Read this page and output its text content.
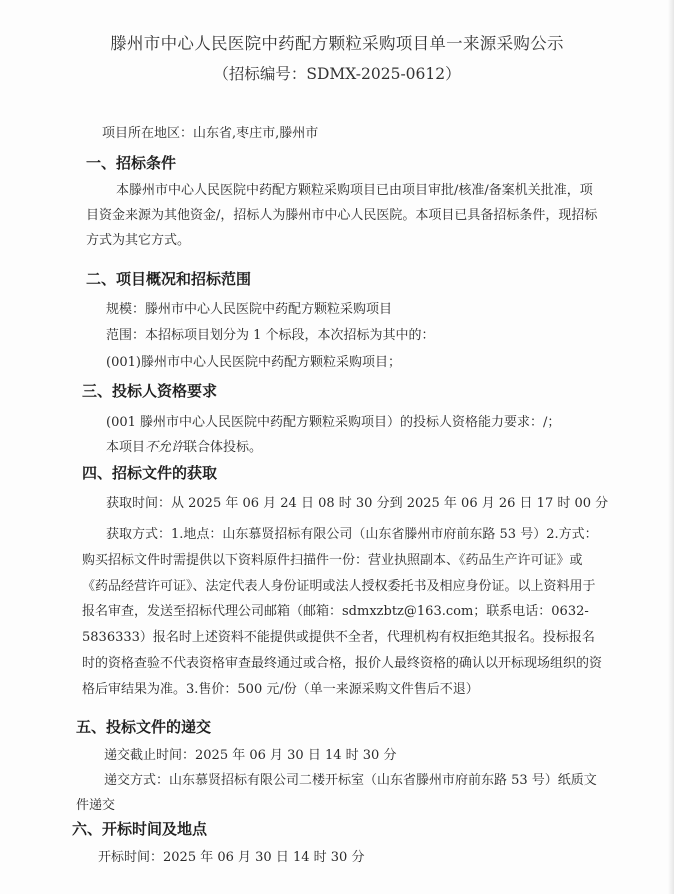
滕州市中心人民医院中药配方颗粒采购项目单一来源采购公示
（招标编号：SDMX-2025-0612）
项目所在地区：山东省,枣庄市,滕州市
一、招标条件
本滕州市中心人民医院中药配方颗粒采购项目已由项目审批/核准/备案机关批准，项目资金来源为其他资金/，招标人为滕州市中心人民医院。本项目已具备招标条件，现招标方式为其它方式。
二、项目概况和招标范围
规模：滕州市中心人民医院中药配方颗粒采购项目
范围：本招标项目划分为 1 个标段，本次招标为其中的：
(001)滕州市中心人民医院中药配方颗粒采购项目；
三、投标人资格要求
(001 滕州市中心人民医院中药配方颗粒采购项目）的投标人资格能力要求：/；
本项目不允许联合体投标。
四、招标文件的获取
获取时间：从 2025 年 06 月 24 日 08 时 30 分到 2025 年 06 月 26 日 17 时 00 分
获取方式：1.地点：山东慕贤招标有限公司（山东省滕州市府前东路 53 号）2.方式：购买招标文件时需提供以下资料原件扫描件一份：营业执照副本、《药品生产许可证》或《药品经营许可证》、法定代表人身份证明或法人授权委托书及相应身份证。以上资料用于报名审查，发送至招标代理公司邮箱（邮箱：sdmxzbtz@163.com；联系电话：0632-5836333）报名时上述资料不能提供或提供不全者，代理机构有权拒绝其报名。投标报名时的资格查验不代表资格审查最终通过或合格，报价人最终资格的确认以开标现场组织的资格后审结果为准。3.售价：500 元/份（单一来源采购文件售后不退）
五、投标文件的递交
递交截止时间：2025 年 06 月 30 日 14 时 30 分
递交方式：山东慕贤招标有限公司二楼开标室（山东省滕州市府前东路 53 号）纸质文件递交
六、开标时间及地点
开标时间：2025 年 06 月 30 日 14 时 30 分
